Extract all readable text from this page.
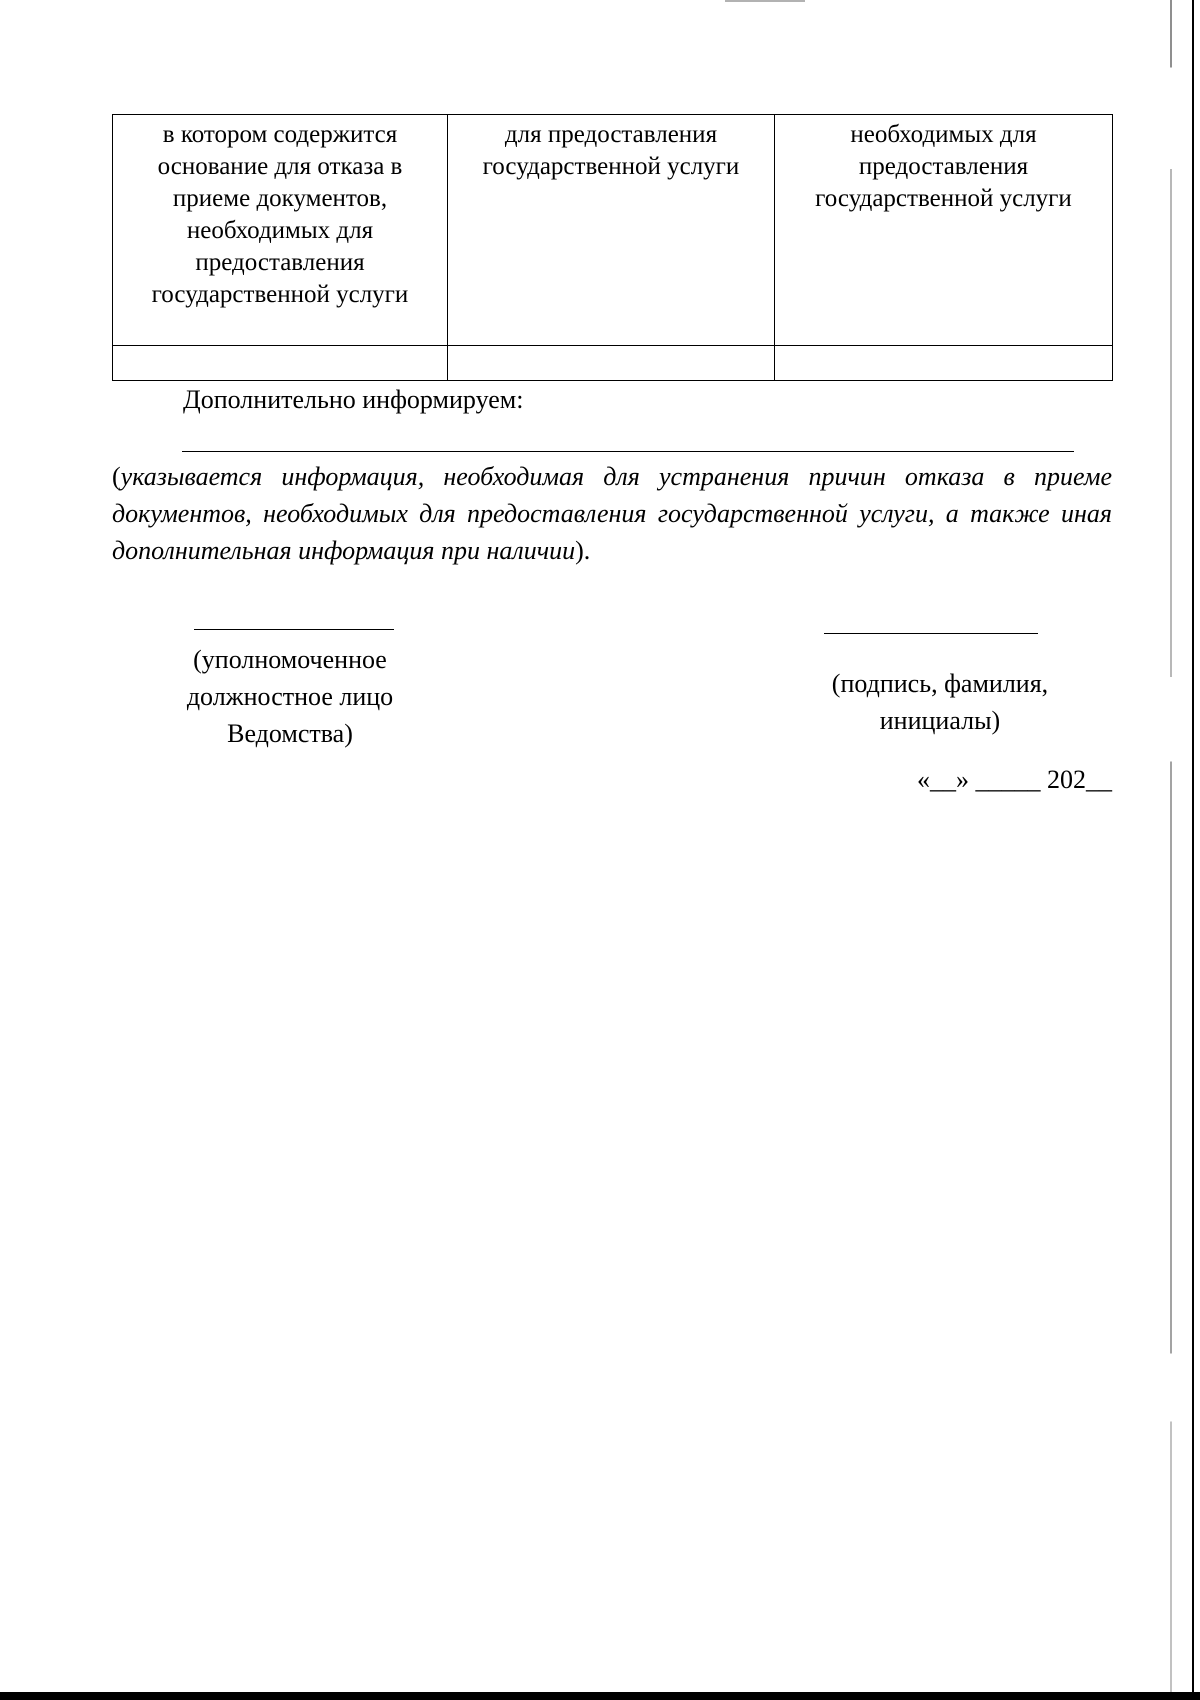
в котором содержится основание для отказа в приеме документов, необходимых для предоставления государственной услуги	для предоставления государственной услуги	необходимых для предоставления государственной услуги

Дополнительно информируем:
(указывается информация, необходимая для устранения причин отказа в приеме документов, необходимых для предоставления государственной услуги, а также иная дополнительная информация при наличии).
(уполномоченное должностное лицо Ведомства)
(подпись, фамилия, инициалы)
«__» _____ 202__
